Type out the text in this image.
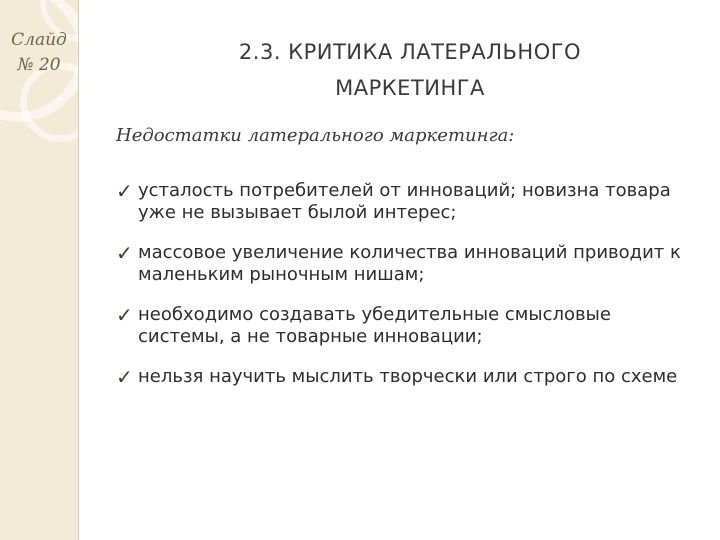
Слайд
№ 20
2.3. КРИТИКА ЛАТЕРАЛЬНОГО
МАРКЕТИНГА
Недостатки латерального маркетинга:
✓ усталость потребителей от инноваций; новизна товара уже не вызывает былой интерес;
✓ массовое увеличение количества инноваций приводит к маленьким рыночным нишам;
✓ необходимо создавать убедительные смысловые системы, а не товарные инновации;
✓ нельзя научить мыслить творчески или строго по схеме
